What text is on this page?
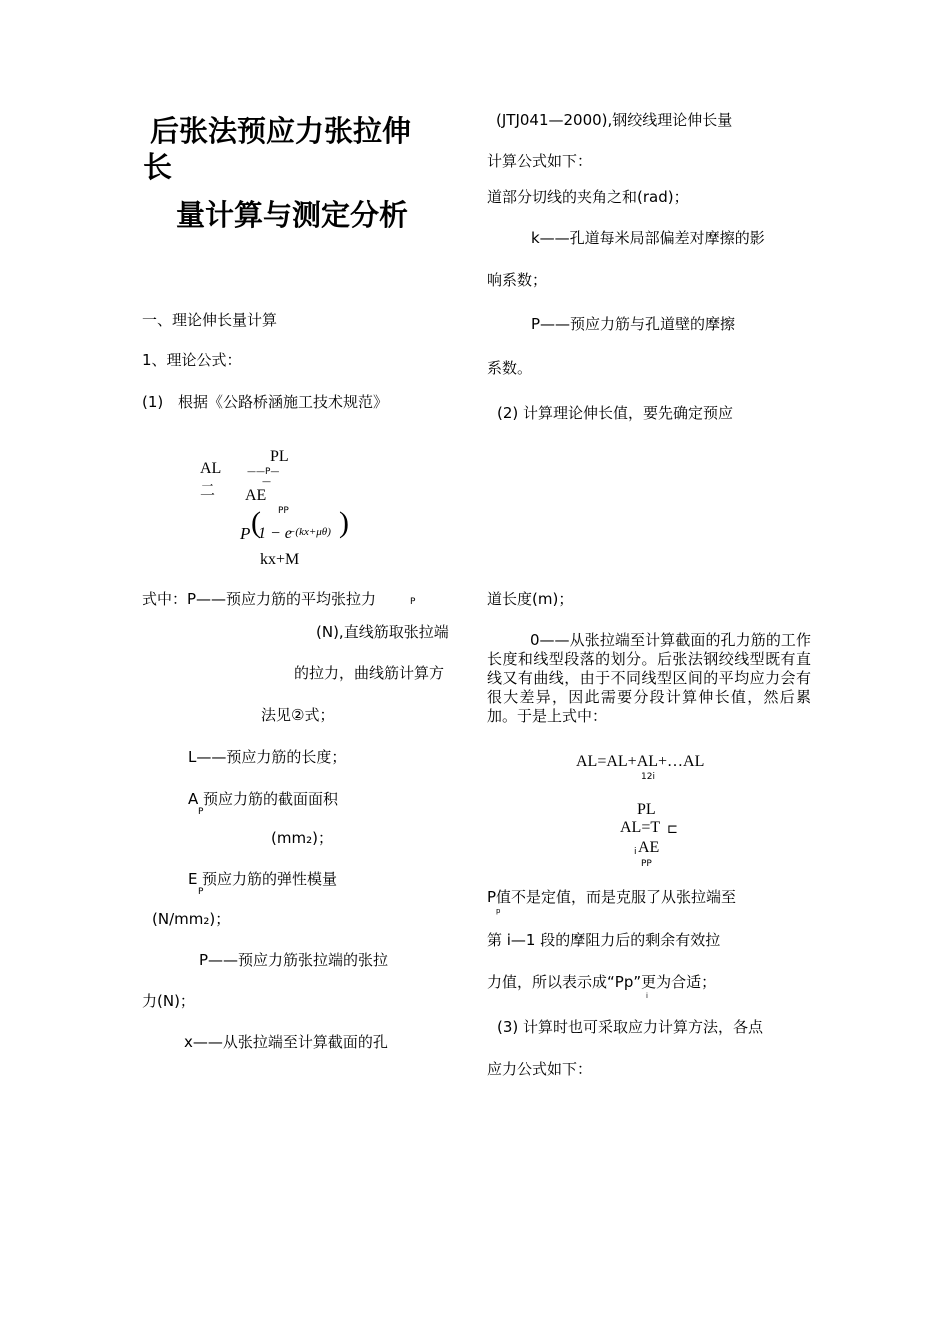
后张法预应力张拉伸
长
量计算与测定分析
一、理论伸长量计算
1、理论公式：
(1) 根据《公路桥涵施工技术规范》
AL
二
PL
——P—
—
AE
PP
P (
1 − e
−(kx+μθ) )
kx+M
式中：P——预应力筋的平均张拉力	P
(N),直线筋取张拉端
的拉力，曲线筋计算方
法见②式；
L——预应力筋的长度；
A
P
预应力筋的截面面积
(mm₂)；
E
P
预应力筋的弹性模量
(N/mm₂)；
P——预应力筋张拉端的张拉
力(N)；
x——从张拉端至计算截面的孔
(JTJ041—2000),钢绞线理论伸长量
计算公式如下：
道部分切线的夹角之和(rad)；
k——孔道每米局部偏差对摩擦的影
响系数；
P——预应力筋与孔道壁的摩擦
系数。
(2) 计算理论伸长值，要先确定预应
道长度(m)；
0——从张拉端至计算截面的孔力筋的工作长度和线型段落的划分。后张法钢绞线型既有直线又有曲线，由于不同线型区间的平均应力会有很大差异，因此需要分段计算伸长值，然后累加。于是上式中：
AL=AL+AL+…AL
12i
PL
AL=T ⊏
i AE
PP
P值不是定值，而是克服了从张拉端至
p
第 i—1 段的摩阻力后的剩余有效拉
力值，所以表示成“Pp”更为合适；
i
(3) 计算时也可采取应力计算方法，各点
应力公式如下：
